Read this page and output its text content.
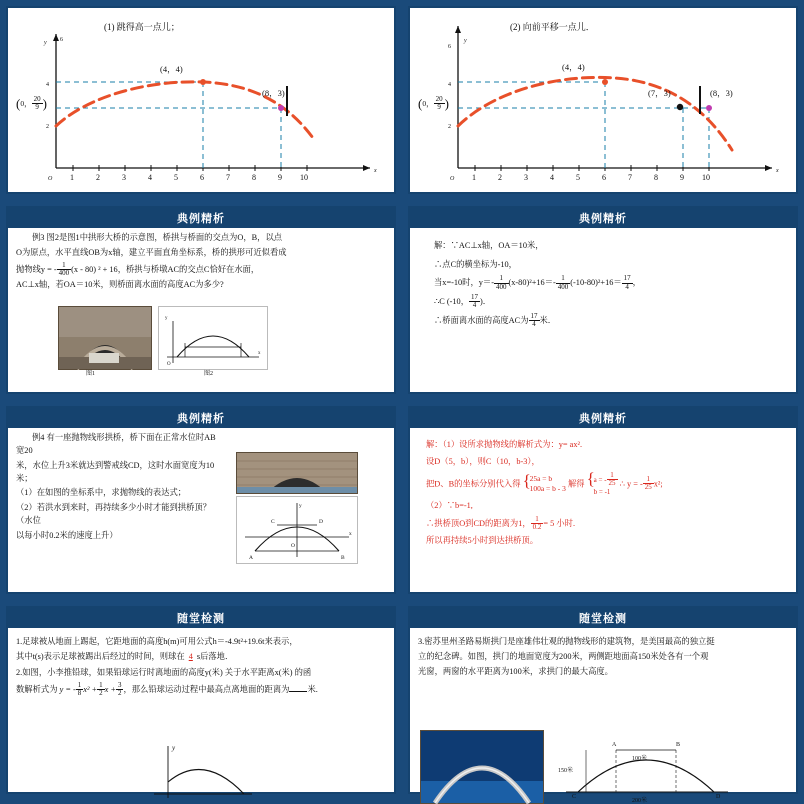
(1) 跳得高一点儿；
y
x
O
6
4
2
1	2	3	4	5	6	7	8	9 10
(4，4)
(8，3)
(0， $\frac{20}{9}$ )
(2) 向前平移一点儿．
y
x
O
6
4
2
1	2	3	4	5	6	7	8	9 10
(4，4)
(7，3)	(8，3)
(0， $\frac{20}{9}$ )
典例精析

例3 图2是图1中拱形大桥的示意图，桥拱与桥面的交点为O，B，以点

O为原点，水平直线OB为x轴，建立平面直角坐标系，桥的拱形可近似看成

抛物线y = - $\frac{1}{400} (x - 80) ^2 + 16$，桥拱与桥墩AC的交点C恰好在水面，

AC⊥x轴，若OA＝10米，则桥面离水面的高度AC为多少?

y
x
O
图1	图2
典例精析

解：∵AC⊥x轴，OA＝10米，

∴点C的横坐标为-10，

当x=-10时，$y=- \frac{1}{400} (x-80)^2+16=- \frac{1}{400} (-10-80)^2+16= \frac{17}{4}$ ，

∴C (-10， $\frac{17}{4}$ )．

∴桥面离水面的高度AC为 $\frac{17}{4}$ 米．

典例精析

例4 有一座抛物线形拱桥，桥下面在正常水位时AB宽20

米，水位上升3米就达到警戒线CD，这时水面宽度为10米；

（1）在如图的坐标系中，求抛物线的表达式；

（2）若洪水到来时，再持续多少小时才能到拱桥顶？（水位

以每小时0.2米的速度上升）

y
x
C	D
A	B
O
典例精析

解：（1）设所求抛物线的解析式为：y= ax².

设D（5，b），则C（10，b-3），

把D、B的坐标分别代入得 {
25a = b
100a = b - 3
解得 {
a = - $\frac{1}{25}$
b = -1
∴ y = - $\frac{1}{25} x^2$;

（2）∵b=-1,

∴拱桥顶O到CD的距离为1， $\frac{1}{0.2} = 5$ 小时.

所以再持续5小时到达拱桥顶。

随堂检测

1.足球被从地面上踢起，它距地面的高度h(m)可用公式h＝-4.9t²+19.6t来表示，

其中t(s)表示足球被踢出后经过的时间，则球在 4 s后落地．

2.如图，小李推铅球，如果铅球运行时离地面的高度y(米) 关于水平距离x(米) 的函

数解析式为 y = - $\frac{1}{8} x^2 + \frac{1}{2}$ $x + \frac{3}{2}$ ，那么铅球运动过程中最高点离地面的距离为 米.

y
随堂检测

3.密苏里州圣路易斯拱门是座雄伟壮观的抛物线形的建筑物，是美国最高的独立挺

立的纪念碑。如图，拱门的地面宽度为200米，两侧距地面高150米处各有一个观

光窗，两窗的水平距离为100米，求拱门的最大高度。

A	B
C	D
150米
100米
200米
